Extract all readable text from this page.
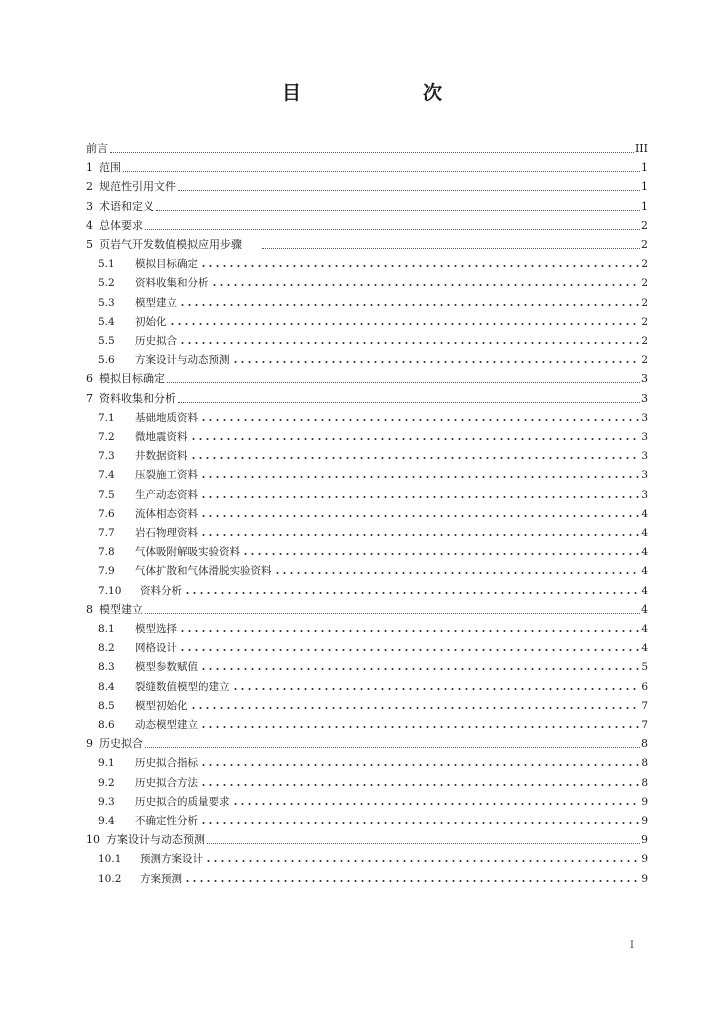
目　　次
前言	III
1 范围	1
2 规范性引用文件	1
3 术语和定义	1
4 总体要求	2
5 页岩气开发数值模拟应用步骤	2
5.1	模拟目标确定	2
5.2	资料收集和分析	2
5.3	模型建立	2
5.4	初始化	2
5.5	历史拟合	2
5.6	方案设计与动态预测	2
6 模拟目标确定	3
7 资料收集和分析	3
7.1	基础地质资料	3
7.2	微地震资料	3
7.3	井数据资料	3
7.4	压裂施工资料	3
7.5	生产动态资料	3
7.6	流体相态资料	4
7.7	岩石物理资料	4
7.8	气体吸附解吸实验资料	4
7.9	气体扩散和气体滑脱实验资料	4
7.10	资料分析	4
8 模型建立	4
8.1	模型选择	4
8.2	网格设计	4
8.3	模型参数赋值	5
8.4	裂缝数值模型的建立	6
8.5	模型初始化	7
8.6	动态模型建立	7
9 历史拟合	8
9.1	历史拟合指标	8
9.2	历史拟合方法	8
9.3	历史拟合的质量要求	9
9.4	不确定性分析	9
10 方案设计与动态预测	9
10.1	预测方案设计	9
10.2	方案预测	9
I
